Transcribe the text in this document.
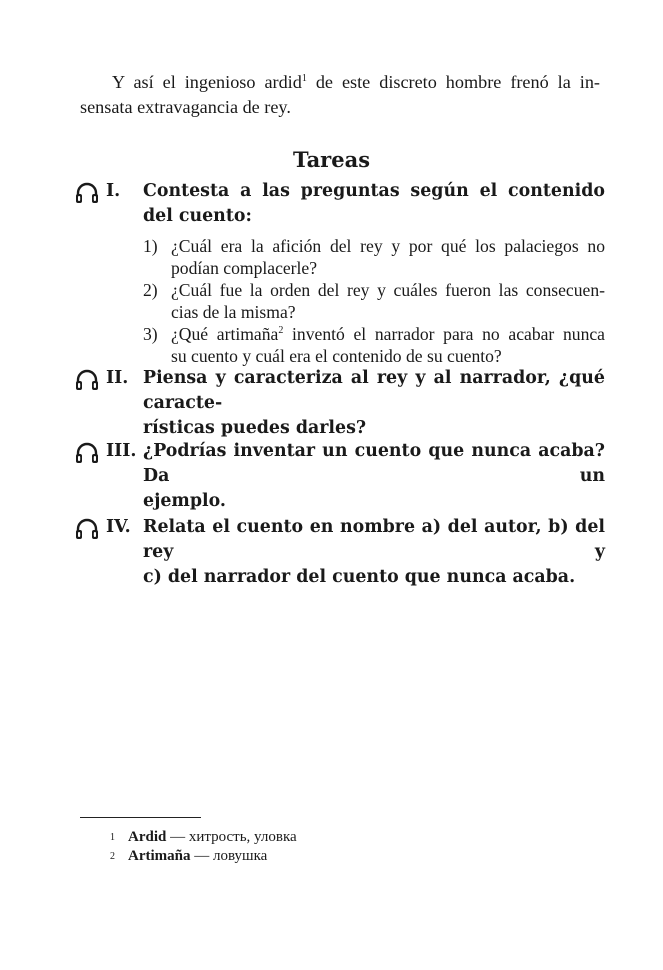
Y así el ingenioso ardid$^1$ de este discreto hombre frenó la in-
sensata extravagancia de rey.
Tareas
I. Contesta a las preguntas según el contenido del cuento:
1) ¿Cuál era la afición del rey y por qué los palaciegos no
podían complacerle?
2) ¿Cuál fue la orden del rey y cuáles fueron las consecuen-
cias de la misma?
3) ¿Qué artimaña$^2$ inventó el narrador para no acabar nunca
su cuento y cuál era el contenido de su cuento?
II. Piensa y caracteriza al rey y al narrador, ¿qué caracte-
rísticas puedes darles?
III. ¿Podrías inventar un cuento que nunca acaba? Da un
ejemplo.
IV. Relata el cuento en nombre a) del autor, b) del rey y
c) del narrador del cuento que nunca acaba.
1 Ardid — хитрость, уловка
2 Artimaña — ловушка
